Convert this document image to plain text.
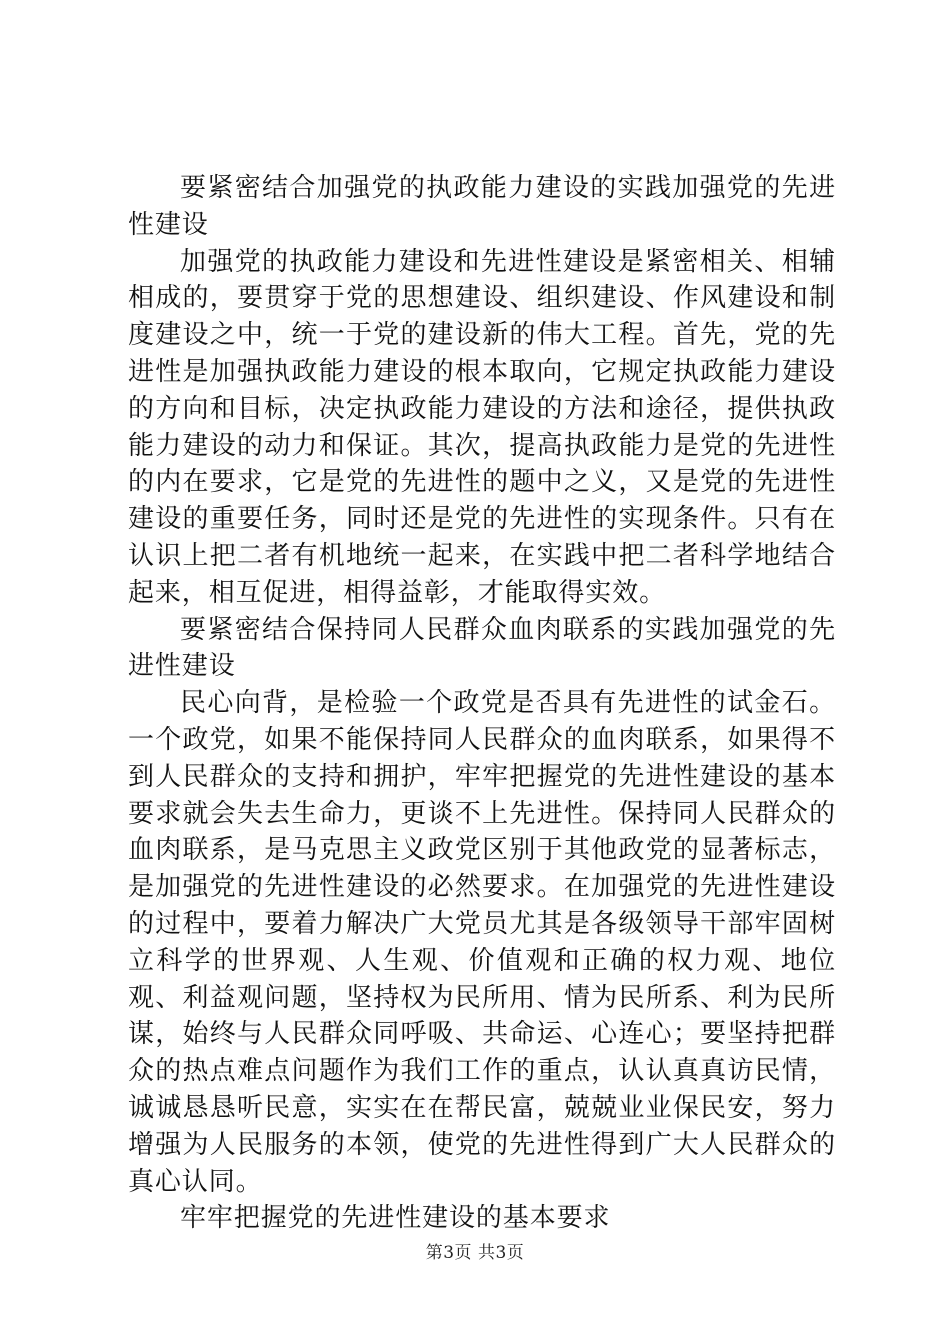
要紧密结合加强党的执政能力建设的实践加强党的先进性建设

加强党的执政能力建设和先进性建设是紧密相关、相辅相成的，要贯穿于党的思想建设、组织建设、作风建设和制度建设之中，统一于党的建设新的伟大工程。首先，党的先进性是加强执政能力建设的根本取向，它规定执政能力建设的方向和目标，决定执政能力建设的方法和途径，提供执政能力建设的动力和保证。其次，提高执政能力是党的先进性的内在要求，它是党的先进性的题中之义，又是党的先进性建设的重要任务，同时还是党的先进性的实现条件。只有在认识上把二者有机地统一起来，在实践中把二者科学地结合起来，相互促进，相得益彰，才能取得实效。

要紧密结合保持同人民群众血肉联系的实践加强党的先进性建设

民心向背，是检验一个政党是否具有先进性的试金石。一个政党，如果不能保持同人民群众的血肉联系，如果得不到人民群众的支持和拥护，牢牢把握党的先进性建设的基本要求就会失去生命力，更谈不上先进性。保持同人民群众的血肉联系，是马克思主义政党区别于其他政党的显著标志，是加强党的先进性建设的必然要求。在加强党的先进性建设的过程中，要着力解决广大党员尤其是各级领导干部牢固树立科学的世界观、人生观、价值观和正确的权力观、地位观、利益观问题，坚持权为民所用、情为民所系、利为民所谋，始终与人民群众同呼吸、共命运、心连心；要坚持把群众的热点难点问题作为我们工作的重点，认认真真访民情，诚诚恳恳听民意，实实在在帮民富，兢兢业业保民安，努力增强为人民服务的本领，使党的先进性得到广大人民群众的真心认同。

牢牢把握党的先进性建设的基本要求

第3页 共3页
